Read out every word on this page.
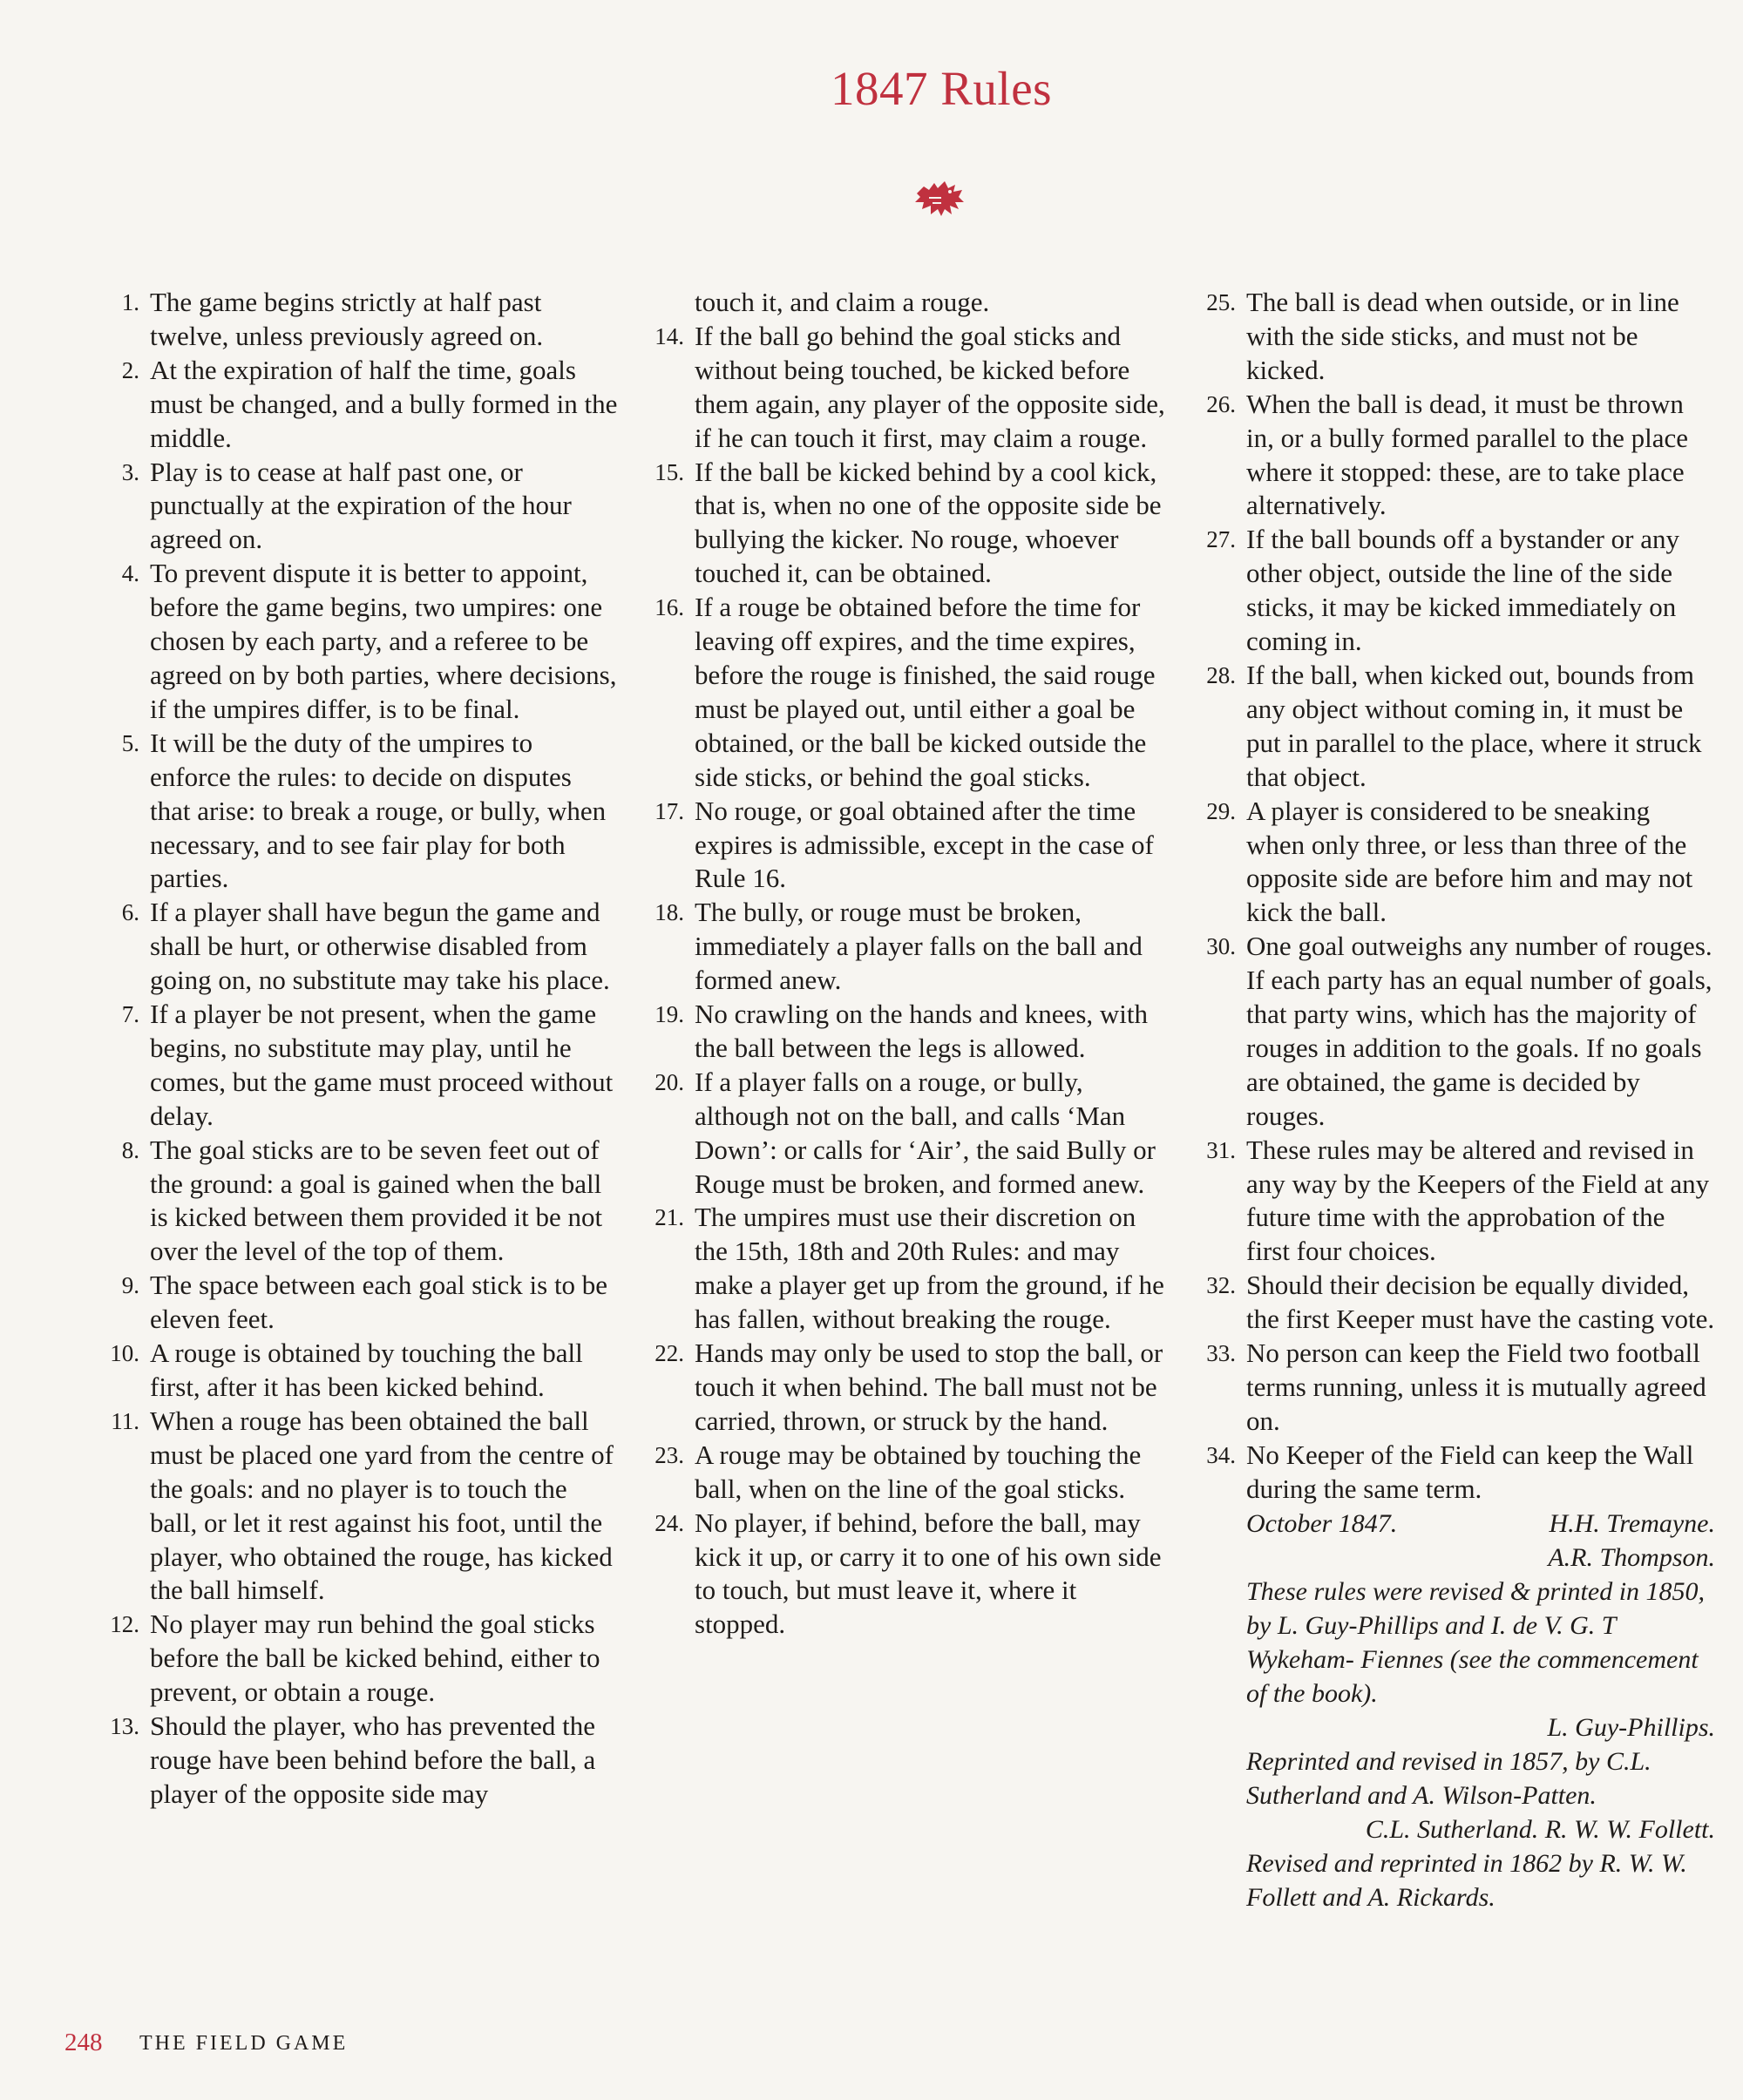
1847 Rules
1. The game begins strictly at half past twelve, unless previously agreed on.
2. At the expiration of half the time, goals must be changed, and a bully formed in the middle.
3. Play is to cease at half past one, or punctually at the expiration of the hour agreed on.
4. To prevent dispute it is better to appoint, before the game begins, two umpires: one chosen by each party, and a referee to be agreed on by both parties, where decisions, if the umpires differ, is to be final.
5. It will be the duty of the umpires to enforce the rules: to decide on disputes that arise: to break a rouge, or bully, when necessary, and to see fair play for both parties.
6. If a player shall have begun the game and shall be hurt, or otherwise disabled from going on, no substitute may take his place.
7. If a player be not present, when the game begins, no substitute may play, until he comes, but the game must proceed without delay.
8. The goal sticks are to be seven feet out of the ground: a goal is gained when the ball is kicked between them provided it be not over the level of the top of them.
9. The space between each goal stick is to be eleven feet.
10. A rouge is obtained by touching the ball first, after it has been kicked behind.
11. When a rouge has been obtained the ball must be placed one yard from the centre of the goals: and no player is to touch the ball, or let it rest against his foot, until the player, who obtained the rouge, has kicked the ball himself.
12. No player may run behind the goal sticks before the ball be kicked behind, either to prevent, or obtain a rouge.
13. Should the player, who has prevented the rouge have been behind before the ball, a player of the opposite side may
touch it, and claim a rouge.
14. If the ball go behind the goal sticks and without being touched, be kicked before them again, any player of the opposite side, if he can touch it first, may claim a rouge.
15. If the ball be kicked behind by a cool kick, that is, when no one of the opposite side be bullying the kicker. No rouge, whoever touched it, can be obtained.
16. If a rouge be obtained before the time for leaving off expires, and the time expires, before the rouge is finished, the said rouge must be played out, until either a goal be obtained, or the ball be kicked outside the side sticks, or behind the goal sticks.
17. No rouge, or goal obtained after the time expires is admissible, except in the case of Rule 16.
18. The bully, or rouge must be broken, immediately a player falls on the ball and formed anew.
19. No crawling on the hands and knees, with the ball between the legs is allowed.
20. If a player falls on a rouge, or bully, although not on the ball, and calls ‘Man Down’: or calls for ‘Air’, the said Bully or Rouge must be broken, and formed anew.
21. The umpires must use their discretion on the 15th, 18th and 20th Rules: and may make a player get up from the ground, if he has fallen, without breaking the rouge.
22. Hands may only be used to stop the ball, or touch it when behind. The ball must not be carried, thrown, or struck by the hand.
23. A rouge may be obtained by touching the ball, when on the line of the goal sticks.
24. No player, if behind, before the ball, may kick it up, or carry it to one of his own side to touch, but must leave it, where it stopped.
25. The ball is dead when outside, or in line with the side sticks, and must not be kicked.
26. When the ball is dead, it must be thrown in, or a bully formed parallel to the place where it stopped: these, are to take place alternatively.
27. If the ball bounds off a bystander or any other object, outside the line of the side sticks, it may be kicked immediately on coming in.
28. If the ball, when kicked out, bounds from any object without coming in, it must be put in parallel to the place, where it struck that object.
29. A player is considered to be sneaking when only three, or less than three of the opposite side are before him and may not kick the ball.
30. One goal outweighs any number of rouges. If each party has an equal number of goals, that party wins, which has the majority of rouges in addition to the goals. If no goals are obtained, the game is decided by rouges.
31. These rules may be altered and revised in any way by the Keepers of the Field at any future time with the approbation of the first four choices.
32. Should their decision be equally divided, the first Keeper must have the casting vote.
33. No person can keep the Field two football terms running, unless it is mutually agreed on.
34. No Keeper of the Field can keep the Wall during the same term.
October 1847.	H.H. Tremayne.
A.R. Thompson.
These rules were revised & printed in 1850, by L. Guy-Phillips and I. de V. G. T Wykeham- Fiennes (see the commencement of the book).
L. Guy-Phillips.
Reprinted and revised in 1857, by C.L. Sutherland and A. Wilson-Patten.
C.L. Sutherland. R. W. W. Follett.
Revised and reprinted in 1862 by R. W. W. Follett and A. Rickards.
248 THE FIELD GAME
